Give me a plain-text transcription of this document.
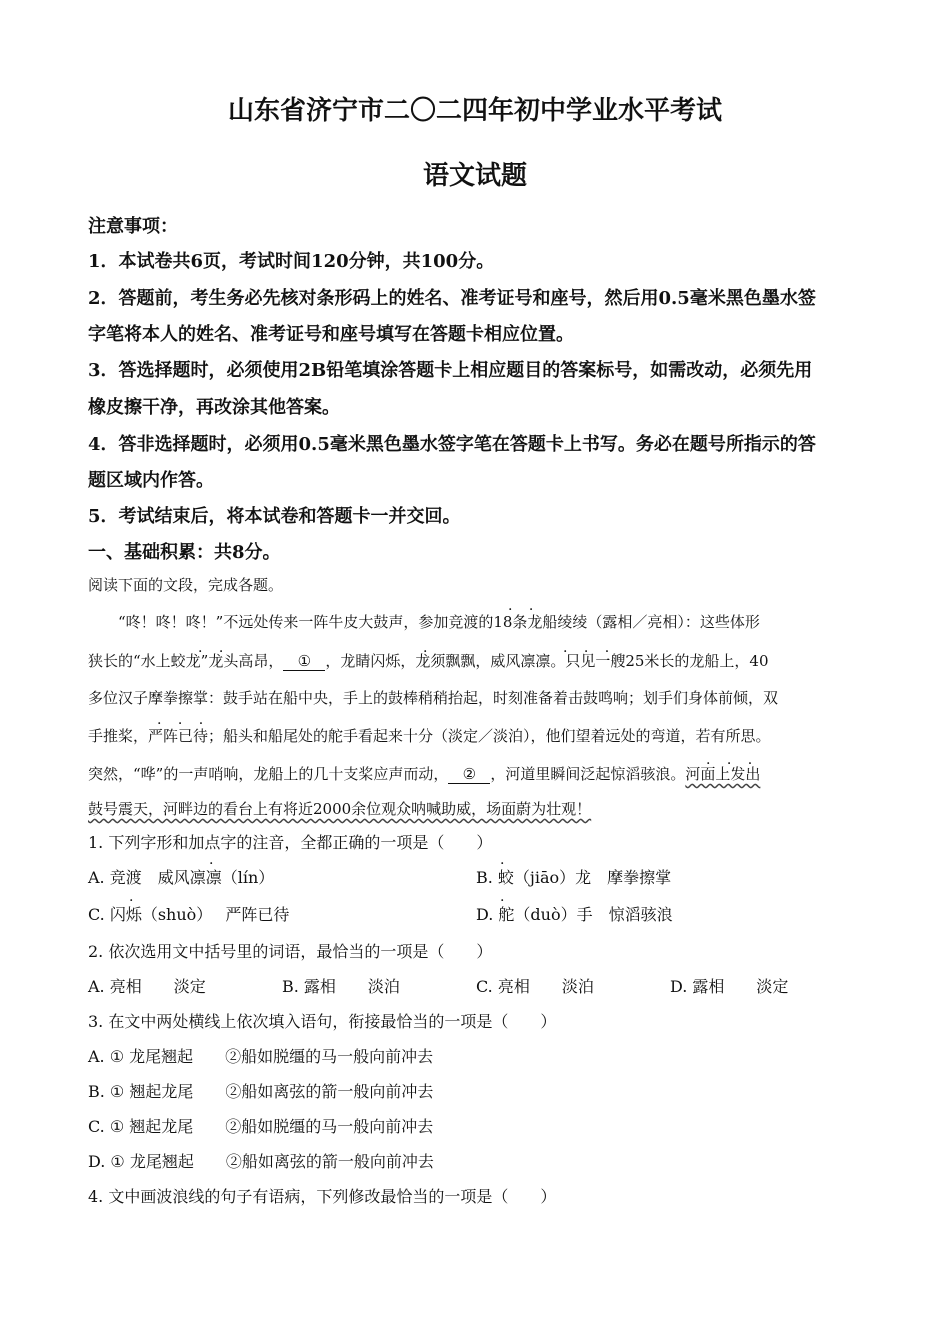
山东省济宁市二〇二四年初中学业水平考试
语文试题
注意事项：
1．本试卷共6页，考试时间120分钟，共100分。
2．答题前，考生务必先核对条形码上的姓名、准考证号和座号，然后用0.5毫米黑色墨水签
字笔将本人的姓名、准考证号和座号填写在答题卡相应位置。
3．答选择题时，必须使用2B铅笔填涂答题卡上相应题目的答案标号，如需改动，必须先用
橡皮擦干净，再改涂其他答案。
4．答非选择题时，必须用0.5毫米黑色墨水签字笔在答题卡上书写。务必在题号所指示的答
题区域内作答。
5．考试结束后，将本试卷和答题卡一并交回。
一、基础积累：共8分。
阅读下面的文段，完成各题。
. .
. .	.	. . .
. . .
. . .
“咚！咚！咚！”不远处传来一阵牛皮大鼓声，参加竞渡的18条龙船绫绫（露相／亮相）：这些体形
狭长的“水上蛟龙”龙头高昂， ① ，龙睛闪烁，龙须飘飘，威风凛凛。只见一艘25米长的龙船上，40
多位汉子摩拳擦掌：鼓手站在船中央，手上的鼓棒稍稍抬起，时刻准备着击鼓鸣响；划手们身体前倾，双
手推桨，严阵已待；船头和船尾处的舵手看起来十分（淡定／淡泊），他们望着远处的弯道，若有所思。
突然，“哗”的一声哨响，龙船上的几十支桨应声而动， ② ，河道里瞬间泛起惊滔骇浪。河面上发出
鼓号震天，河畔边的看台上有将近2000余位观众呐喊助威，场面蔚为壮观！
1. 下列字形和加点字的注音，全都正确的一项是（　　）
.
A. 竞渡　威风凛凛（lín）
.
B. 蛟（jiāo）龙　摩拳擦掌
.
C. 闪烁（shuò）　 严阵已待
.
D. 舵（duò）手　惊滔骇浪
2. 依次选用文中括号里的词语，最恰当的一项是（　　）
A. 亮相　　淡定	B. 露相　　淡泊	C. 亮相　　淡泊	D. 露相　　淡定
3. 在文中两处横线上依次填入语句，衔接最恰当的一项是（　　）
A. ① 龙尾翘起　　②船如脱缰的马一般向前冲去
B. ① 翘起龙尾　　②船如离弦的箭一般向前冲去
C. ① 翘起龙尾　　②船如脱缰的马一般向前冲去
D. ① 龙尾翘起　　②船如离弦的箭一般向前冲去
4. 文中画波浪线的句子有语病，下列修改最恰当的一项是（　　）
